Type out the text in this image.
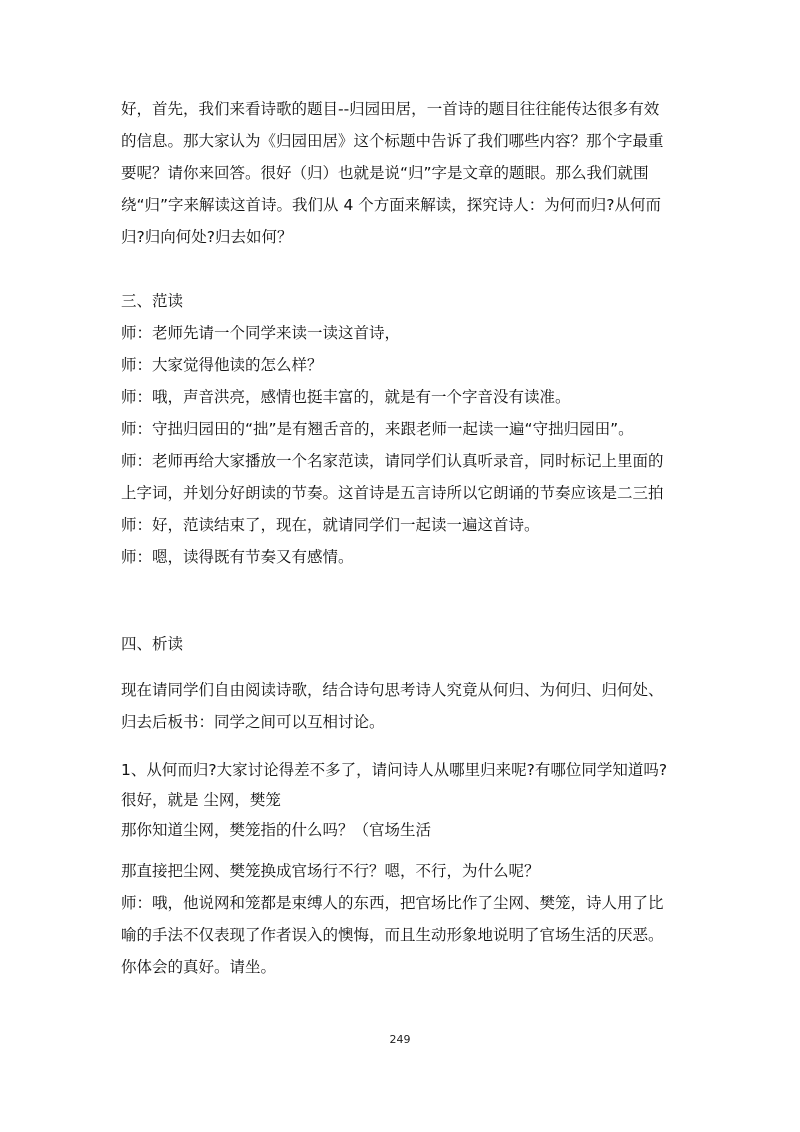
好，首先，我们来看诗歌的题目--归园田居，一首诗的题目往往能传达很多有效
的信息。那大家认为《归园田居》这个标题中告诉了我们哪些内容？那个字最重
要呢？请你来回答。很好（归）也就是说“归”字是文章的题眼。那么我们就围
绕“归”字来解读这首诗。我们从 4 个方面来解读，探究诗人：为何而归?从何而
归?归向何处?归去如何？
三、范读
师：老师先请一个同学来读一读这首诗，
师：大家觉得他读的怎么样？
师：哦，声音洪亮，感情也挺丰富的，就是有一个字音没有读准。
师：守拙归园田的“拙”是有翘舌音的，来跟老师一起读一遍“守拙归园田”。
师：老师再给大家播放一个名家范读，请同学们认真听录音，同时标记上里面的
上字词，并划分好朗读的节奏。这首诗是五言诗所以它朗诵的节奏应该是二三拍
师：好，范读结束了，现在，就请同学们一起读一遍这首诗。
师：嗯，读得既有节奏又有感情。
四、析读
现在请同学们自由阅读诗歌，结合诗句思考诗人究竟从何归、为何归、归何处、
归去后板书：同学之间可以互相讨论。
1、从何而归?大家讨论得差不多了，请问诗人从哪里归来呢?有哪位同学知道吗?
很好，就是 尘网，樊笼
那你知道尘网，樊笼指的什么吗？（官场生活
那直接把尘网、樊笼换成官场行不行？嗯，不行，为什么呢？
师：哦，他说网和笼都是束缚人的东西，把官场比作了尘网、樊笼，诗人用了比
喻的手法不仅表现了作者误入的懊悔，而且生动形象地说明了官场生活的厌恶。
你体会的真好。请坐。
249
